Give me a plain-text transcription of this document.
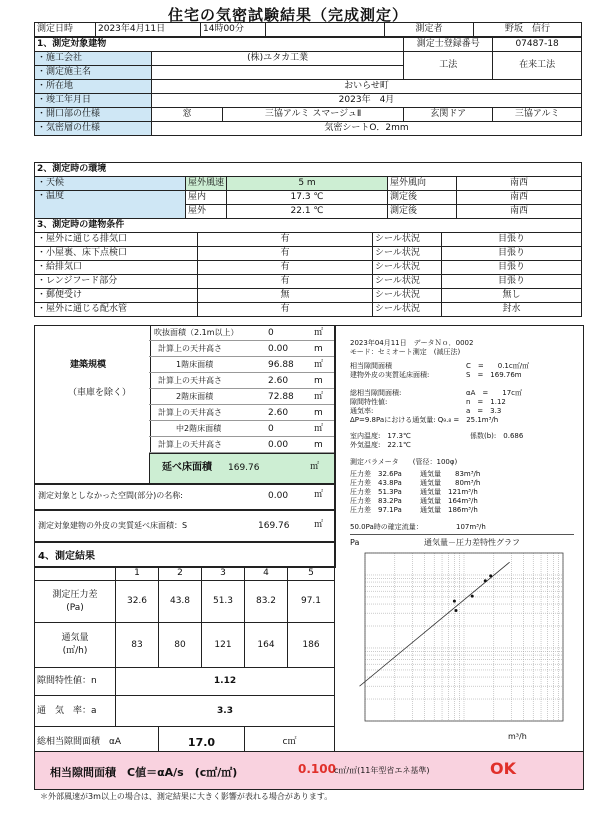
住宅の気密試験結果（完成測定）
測定日時	2023年4月11日	14時00分		測定者	野坂　信行
1、測定対象建物			測定士登録番号	07487-18
・施工会社	(株)ユタカ工業		工法	在来工法
・測定施主名				
・所在地	おいらせ町			
・竣工年月日	2023年　4月			
・開口部の仕様	窓	三協アルミ スマージュⅡ	玄関ドア	三協アルミ
・気密層の仕様	気密シートO．2mm			
2、測定時の環境				
・天候	屋外風速	5 m	屋外風向	南西
・温度	屋内	17.3 ℃	測定後	南西
	屋外	22.1 ℃	測定後	南西
3、測定時の建物条件			
・屋外に通じる排気口	有	シール状況	目張り
・小屋裏、床下点検口	有	シール状況	目張り
・給排気口	有	シール状況	目張り
・レンジフード部分	有	シール状況	目張り
・郵便受け	無	シール状況	無し
・屋外に通じる配水管	有	シール状況	封水
建築規模
（車庫を除く）
吹抜面積（2.1m以上）	0	㎡
計算上の天井高さ	0.00	m
1階床面積	96.88 ㎡
計算上の天井高さ	2.60	m
2階床面積	72.88 ㎡
計算上の天井高さ	2.60	m
中2階床面積	0	㎡
計算上の天井高さ	0.00	m
延べ床面積 169.76	㎡
測定対象としなかった空間(部分)の名称:	0.00	㎡
測定対象建物の外皮の実質延べ床面積：S	169.76	㎡
4、測定結果
	1	2	3	4	5
測定圧力差
(Pa)	32.6	43.8	51.3	83.2	97.1
通気量
(㎥/h)	83	80	121	164	186
隙間特性値：n	1.12				
通　気　率：a	3.3				
総相当隙間面積　αA		17.0		c㎡	
2023年04月11日　データＮｏ．0002
モード：セミオート測定　(減圧法)
相当隙間面積	C　=　　0.1c㎡/㎡
建物外皮の実質延床面積:	S　=　169.76m
総相当隙間面積:	αA　=　　17c㎡
隙間特性値:	n　=　1.12
通気率:	a　=　3.3
ΔP=9.8Paにおける通気量: Q₉.₈ =　25.1m³/h
室内温度:　17.3℃	係数(b):　0.686
外気温度:　22.1℃
測定パラメータ　　(管径：100φ)
圧力差　32.6Pa	通気量　　83m³/h
圧力差　43.8Pa	通気量　　80m³/h
圧力差　51.3Pa	通気量　121m³/h
圧力差　83.2Pa	通気量　164m³/h
圧力差　97.1Pa	通気量　186m³/h
50.0Pa時の確定流量：	107m³/h
Pa	通気量－圧力差特性グラフ
m³/h
相当隙間面積　C値＝αA/s　(c㎡/㎡)	0.100
c㎡/㎡(11年型省エネ基準)	OK
＊外部風速が3m以上の場合は、測定結果に大きく影響が表れる場合があります。
